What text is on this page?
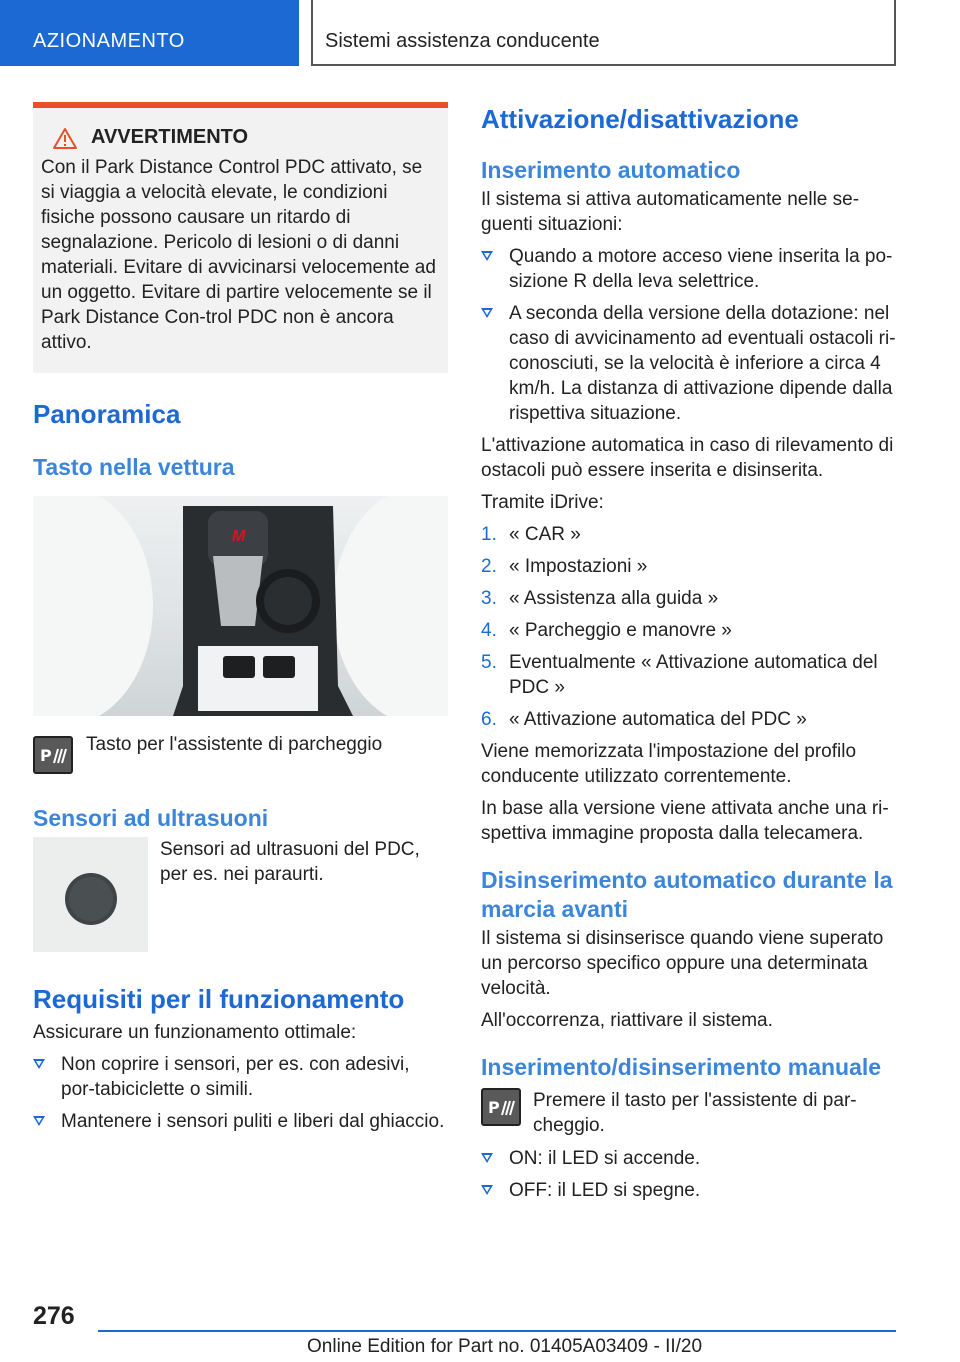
AZIONAMENTO	Sistemi assistenza conducente
AVVERTIMENTO

Con il Park Distance Control PDC attivato, se si viaggia a velocità elevate, le condizioni fisiche possono causare un ritardo di segnalazione. Pericolo di lesioni o di danni materiali. Evitare di avvicinarsi velocemente ad un oggetto. Evitare di partire velocemente se il Park Distance Con-trol PDC non è ancora attivo.

Panoramica
Tasto nella vettura
M
P
Tasto per l'assistente di parcheggio
Sensori ad ultrasuoni
Sensori ad ultrasuoni del PDC, per es. nei paraurti.
Requisiti per il funzionamento
Assicurare un funzionamento ottimale:
Non coprire i sensori, per es. con adesivi, por-tabiciclette o simili.
Mantenere i sensori puliti e liberi dal ghiaccio.
Attivazione/disattivazione
Inserimento automatico
Il sistema si attiva automaticamente nelle se-guenti situazioni:
Quando a motore acceso viene inserita la po-sizione R della leva selettrice.
A seconda della versione della dotazione: nel caso di avvicinamento ad eventuali ostacoli ri-conosciuti, se la velocità è inferiore a circa 4 km/h. La distanza di attivazione dipende dalla rispettiva situazione.
L'attivazione automatica in caso di rilevamento di ostacoli può essere inserita e disinserita.
Tramite iDrive:
1. « CAR »
2. « Impostazioni »
3. « Assistenza alla guida »
4. « Parcheggio e manovre »
5. Eventualmente « Attivazione automatica del PDC »
6. « Attivazione automatica del PDC »
Viene memorizzata l'impostazione del profilo conducente utilizzato correntemente.
In base alla versione viene attivata anche una ri-spettiva immagine proposta dalla telecamera.
Disinserimento automatico durante la marcia avanti
Il sistema si disinserisce quando viene superato un percorso specifico oppure una determinata velocità.
All'occorrenza, riattivare il sistema.
Inserimento/disinserimento manuale
P Premere il tasto per l'assistente di par-cheggio.
ON: il LED si accende.
OFF: il LED si spegne.
276
Online Edition for Part no. 01405A03409 - II/20
